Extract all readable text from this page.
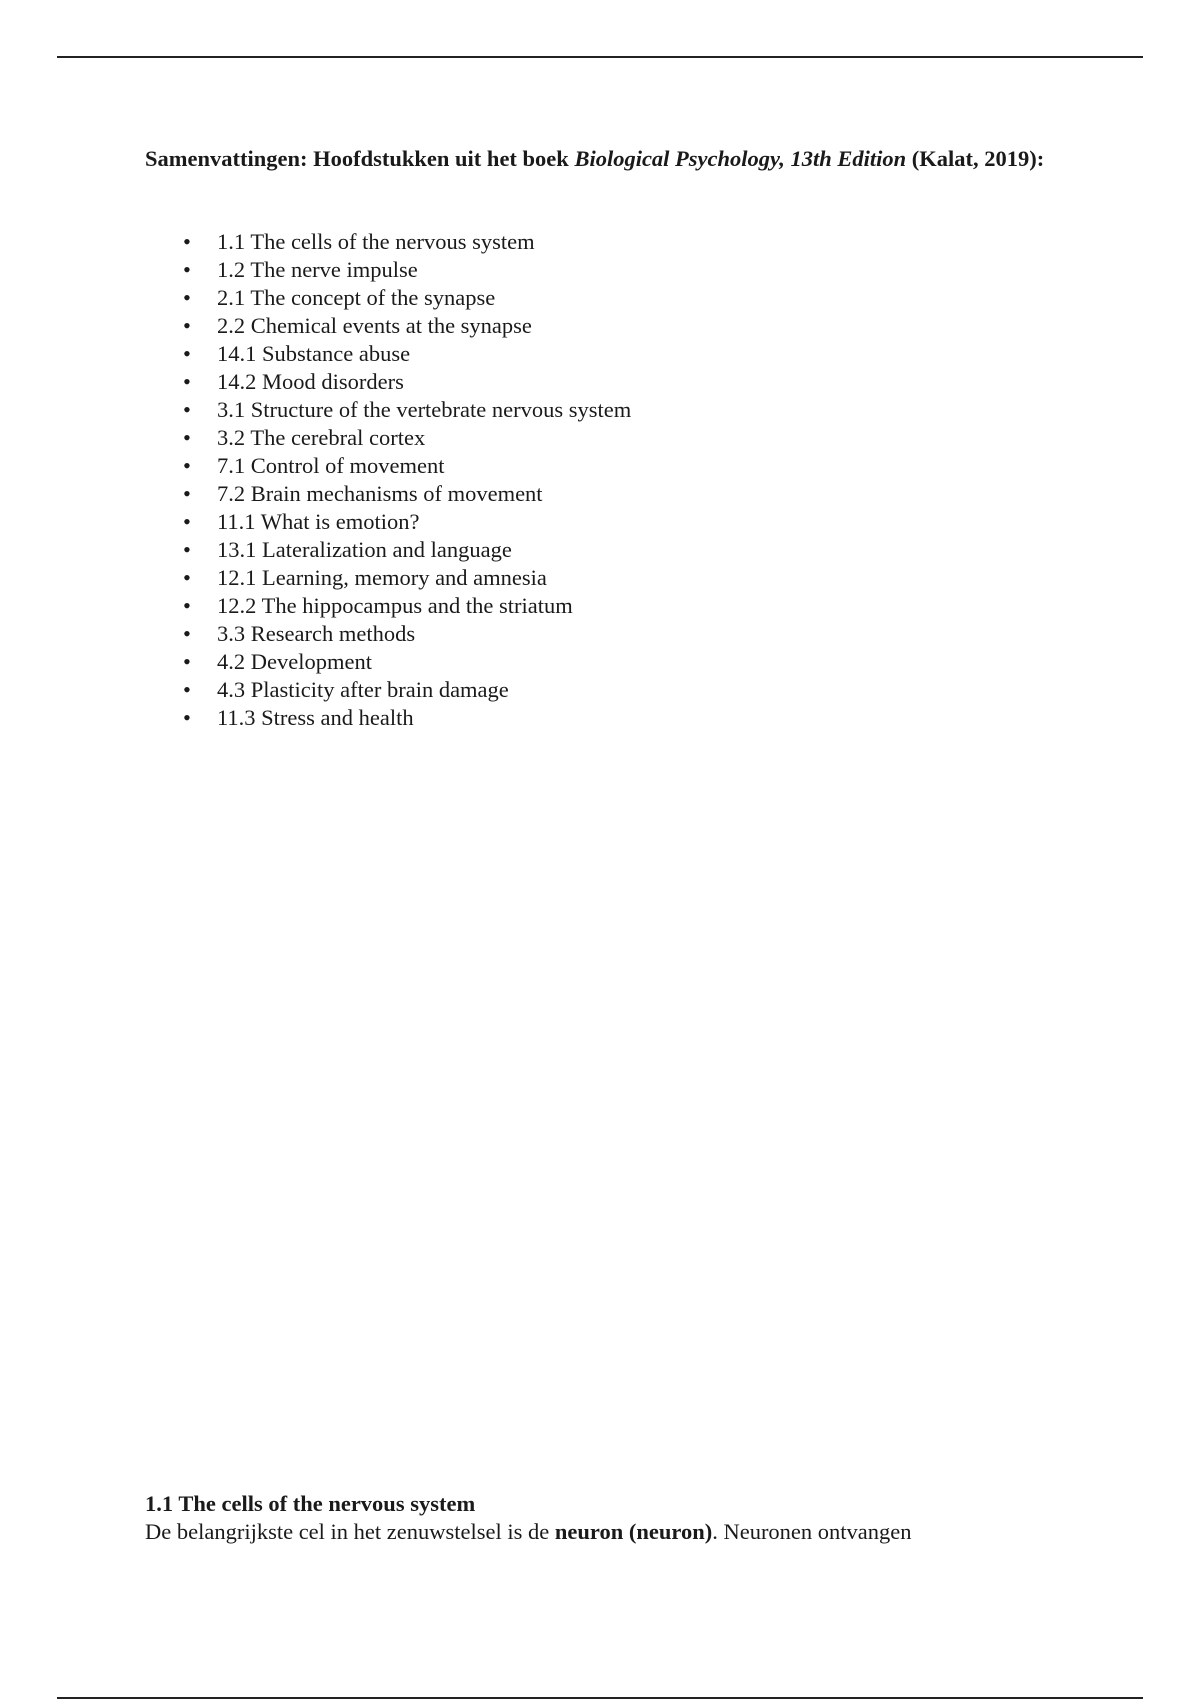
Samenvattingen: Hoofdstukken uit het boek Biological Psychology, 13th Edition (Kalat, 2019):

• 1.1 The cells of the nervous system
• 1.2 The nerve impulse
• 2.1 The concept of the synapse
• 2.2 Chemical events at the synapse
• 14.1 Substance abuse
• 14.2 Mood disorders
• 3.1 Structure of the vertebrate nervous system
• 3.2 The cerebral cortex
• 7.1 Control of movement
• 7.2 Brain mechanisms of movement
• 11.1 What is emotion?
• 13.1 Lateralization and language
• 12.1 Learning, memory and amnesia
• 12.2 The hippocampus and the striatum
• 3.3 Research methods
• 4.2 Development
• 4.3 Plasticity after brain damage
• 11.3 Stress and health
1.1 The cells of the nervous system

De belangrijkste cel in het zenuwstelsel is de neuron (neuron). Neuronen ontvangen
